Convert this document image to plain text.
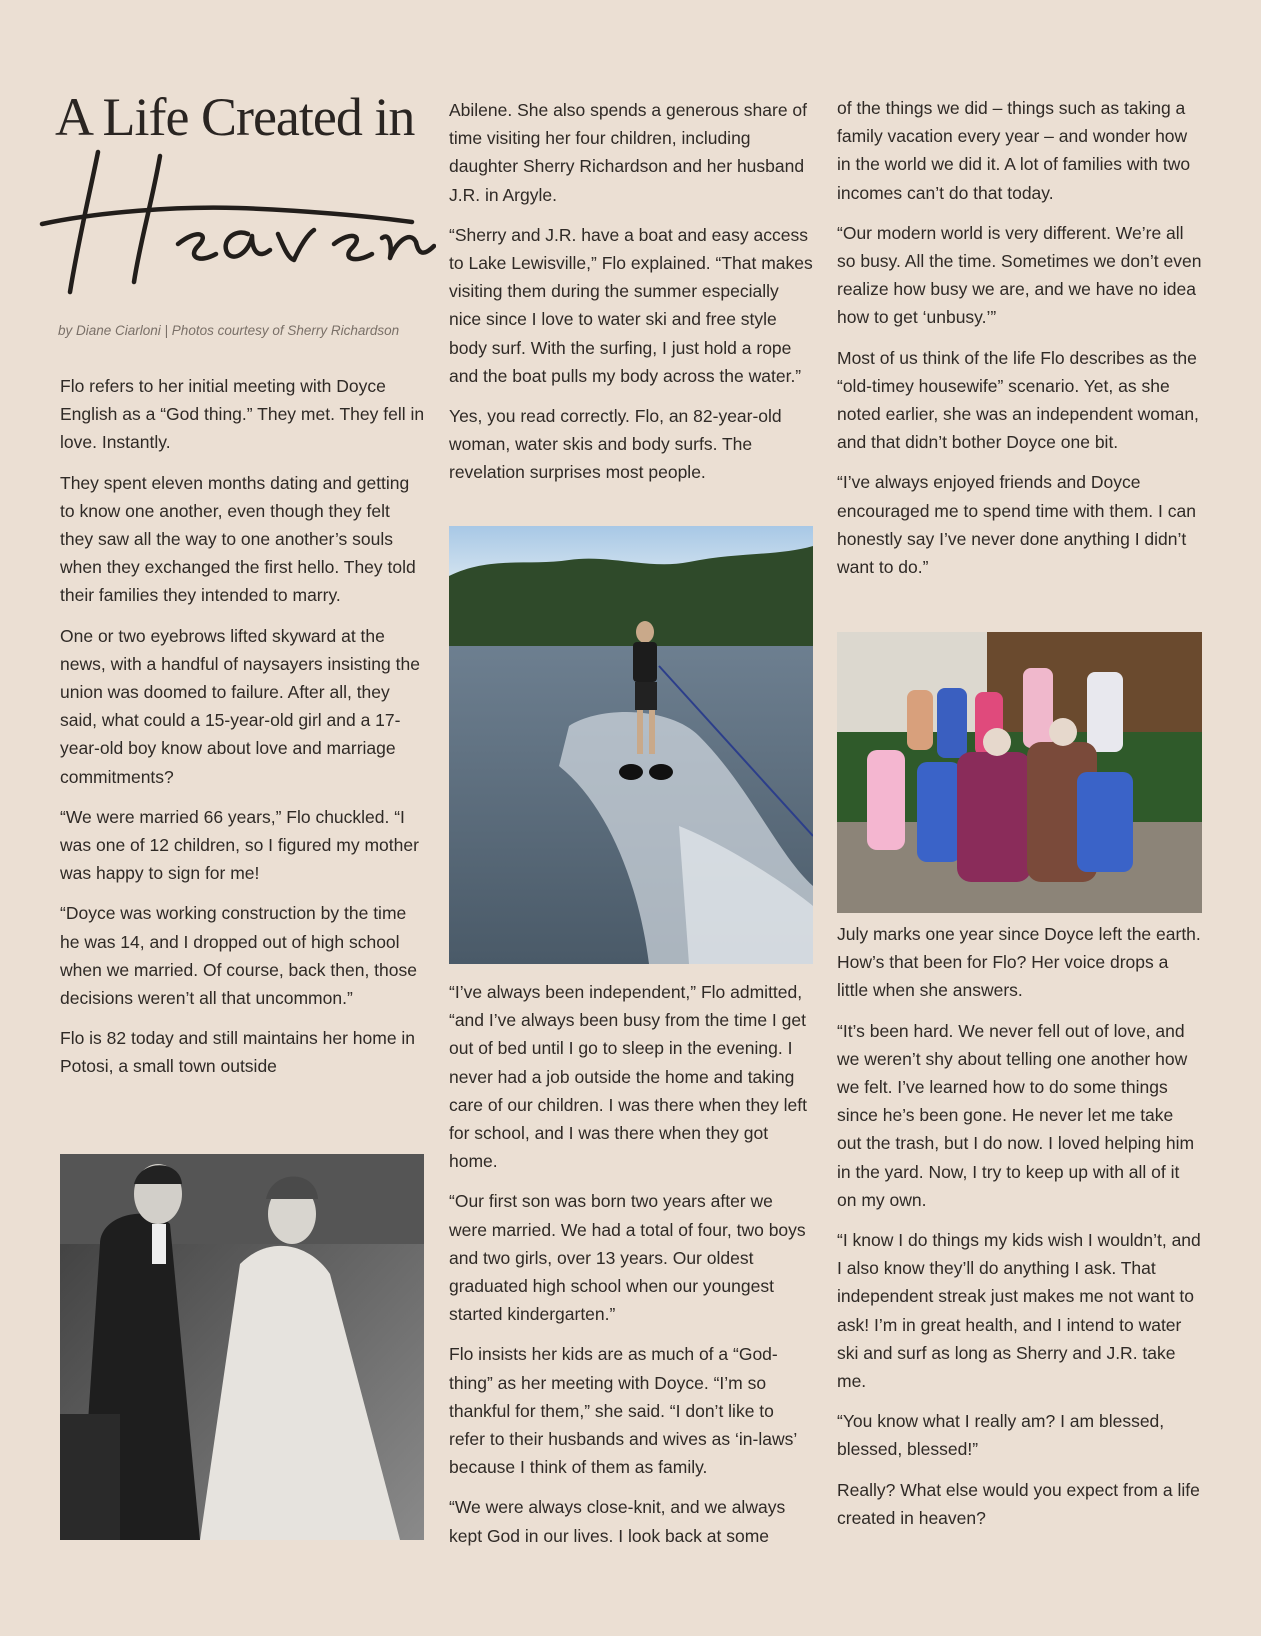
A Life Created in

by Diane Ciarloni | Photos courtesy of Sherry Richardson

Flo refers to her initial meeting with Doyce English as a “God thing.” They met. They fell in love. Instantly.

They spent eleven months dating and getting to know one another, even though they felt they saw all the way to one another’s souls when they exchanged the first hello. They told their families they intended to marry.

One or two eyebrows lifted skyward at the news, with a handful of naysayers insisting the union was doomed to failure. After all, they said, what could a 15-year-old girl and a 17-year-old boy know about love and marriage commitments?

“We were married 66 years,” Flo chuckled. “I was one of 12 children, so I figured my mother was happy to sign for me!

“Doyce was working construction by the time he was 14, and I dropped out of high school when we married. Of course, back then, those decisions weren’t all that uncommon.”

Flo is 82 today and still maintains her home in Potosi, a small town outside

Abilene. She also spends a generous share of time visiting her four children, including daughter Sherry Richardson and her husband J.R. in Argyle.

“Sherry and J.R. have a boat and easy access to Lake Lewisville,” Flo explained. “That makes visiting them during the summer especially nice since I love to water ski and free style body surf. With the surfing, I just hold a rope and the boat pulls my body across the water.”

Yes, you read correctly. Flo, an 82-year-old woman, water skis and body surfs. The revelation surprises most people.

“I’ve always been independent,” Flo admitted, “and I’ve always been busy from the time I get out of bed until I go to sleep in the evening. I never had a job outside the home and taking care of our children. I was there when they left for school, and I was there when they got home.

“Our first son was born two years after we were married. We had a total of four, two boys and two girls, over 13 years. Our oldest graduated high school when our youngest started kindergarten.”

Flo insists her kids are as much of a “God-thing” as her meeting with Doyce. “I’m so thankful for them,” she said. “I don’t like to refer to their husbands and wives as ‘in-laws’ because I think of them as family.

“We were always close-knit, and we always kept God in our lives. I look back at some

of the things we did – things such as taking a family vacation every year – and wonder how in the world we did it. A lot of families with two incomes can’t do that today.

“Our modern world is very different. We’re all so busy. All the time. Sometimes we don’t even realize how busy we are, and we have no idea how to get ‘unbusy.’”

Most of us think of the life Flo describes as the “old-timey housewife” scenario. Yet, as she noted earlier, she was an independent woman, and that didn’t bother Doyce one bit.

“I’ve always enjoyed friends and Doyce encouraged me to spend time with them. I can honestly say I’ve never done anything I didn’t want to do.”

July marks one year since Doyce left the earth. How’s that been for Flo? Her voice drops a little when she answers.

“It’s been hard. We never fell out of love, and we weren’t shy about telling one another how we felt. I’ve learned how to do some things since he’s been gone. He never let me take out the trash, but I do now. I loved helping him in the yard. Now, I try to keep up with all of it on my own.

“I know I do things my kids wish I wouldn’t, and I also know they’ll do anything I ask. That independent streak just makes me not want to ask! I’m in great health, and I intend to water ski and surf as long as Sherry and J.R. take me.

“You know what I really am? I am blessed, blessed, blessed!”

Really? What else would you expect from a life created in heaven?
